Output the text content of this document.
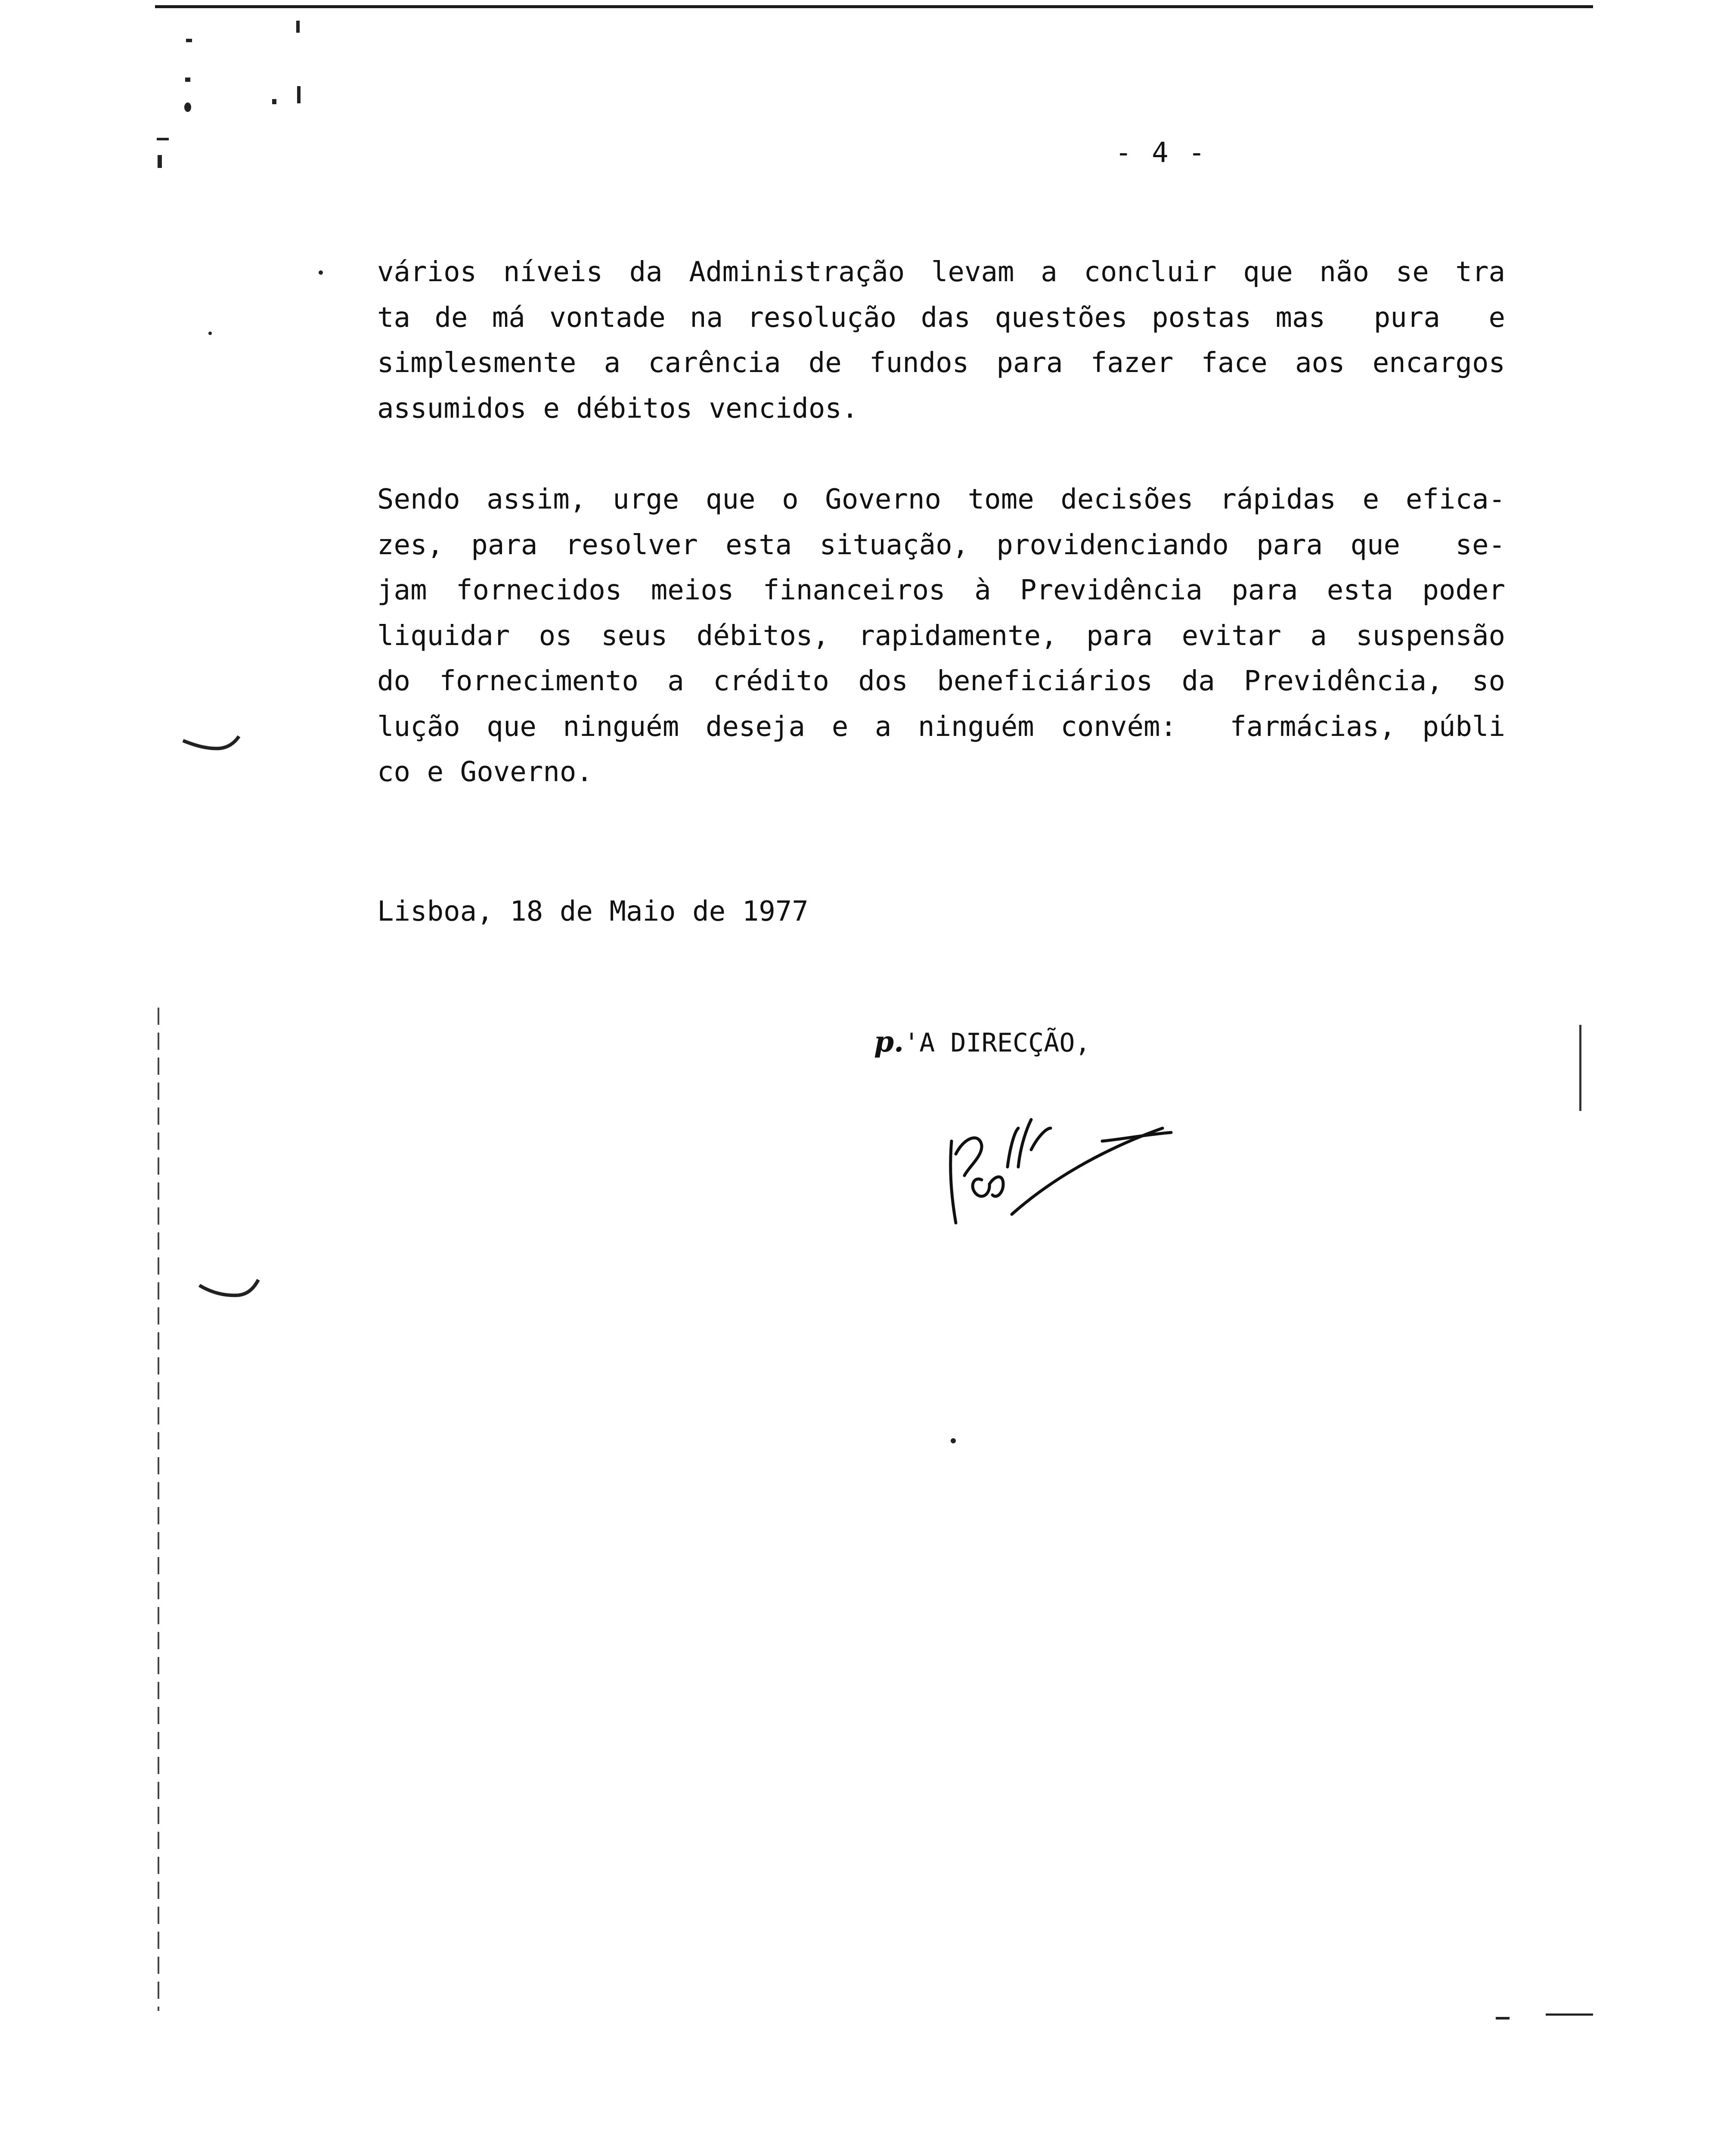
- 4 -
vários níveis da Administração levam a concluir que não se tra
ta de má vontade na resolução das questões postas mas  pura  e
simplesmente a carência de fundos para fazer face aos encargos
assumidos e débitos vencidos.
Sendo assim, urge que o Governo tome decisões rápidas e efica-
zes, para resolver esta situação, providenciando para que  se-
jam fornecidos meios financeiros à Previdência para esta poder
liquidar os seus débitos, rapidamente, para evitar a suspensão
do fornecimento a crédito dos beneficiários da Previdência, so
lução que ninguém deseja e a ninguém convém:  farmácias, públi
co e Governo.
Lisboa, 18 de Maio de 1977
p.'A DIRECÇÃO,
